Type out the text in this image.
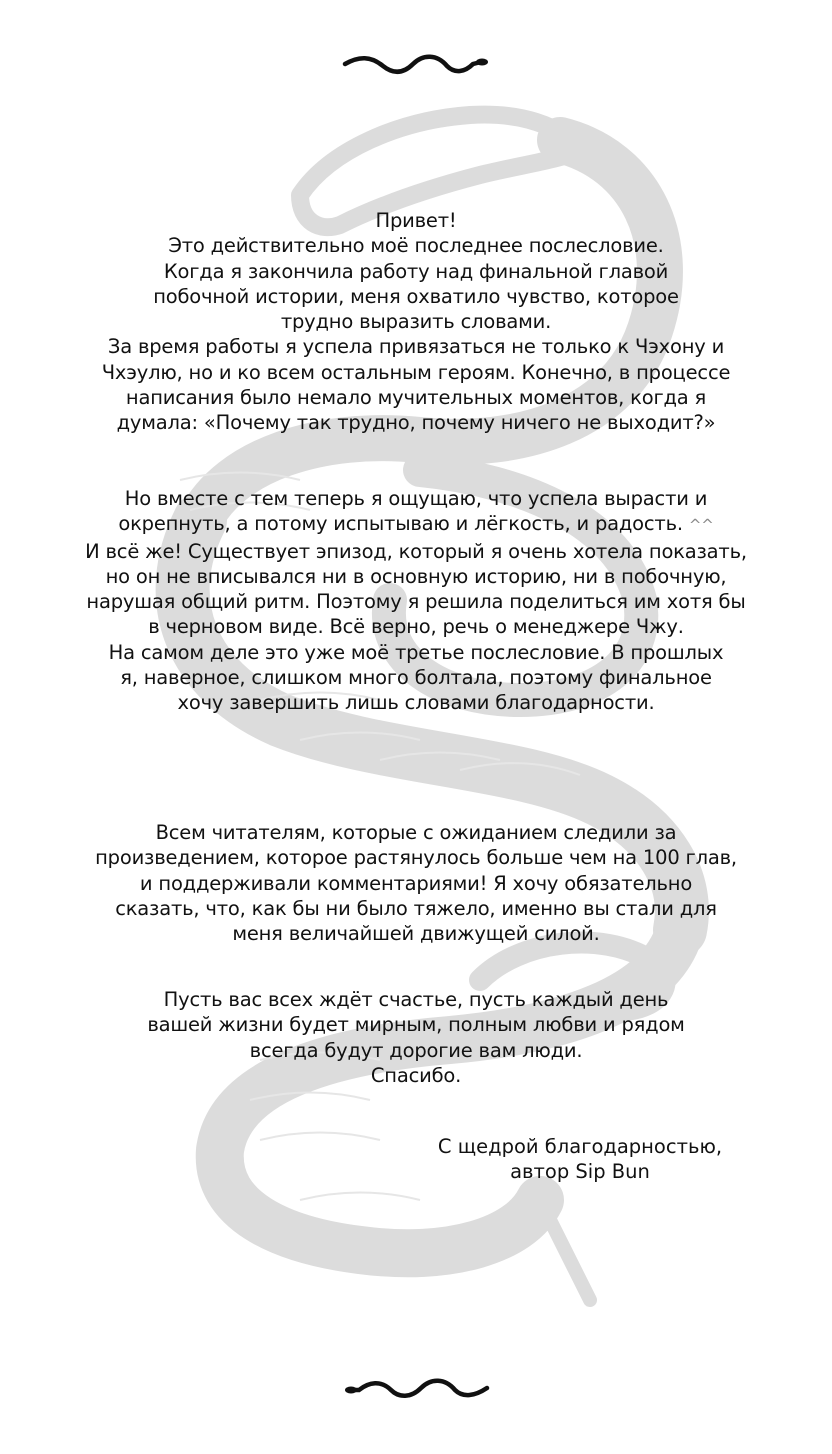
Привет!
Это действительно моё последнее послесловие.
Когда я закончила работу над финальной главой
побочной истории, меня охватило чувство, которое
трудно выразить словами.
За время работы я успела привязаться не только к Чэхону и
Чхэулю, но и ко всем остальным героям. Конечно, в процессе
написания было немало мучительных моментов, когда я
думала: «Почему так трудно, почему ничего не выходит?»
Но вместе с тем теперь я ощущаю, что успела вырасти и
окрепнуть, а потому испытываю и лёгкость, и радость. ^^
И всё же! Существует эпизод, который я очень хотела показать,
но он не вписывался ни в основную историю, ни в побочную,
нарушая общий ритм. Поэтому я решила поделиться им хотя бы
в черновом виде. Всё верно, речь о менеджере Чжу.
На самом деле это уже моё третье послесловие. В прошлых
я, наверное, слишком много болтала, поэтому финальное
хочу завершить лишь словами благодарности.
Всем читателям, которые с ожиданием следили за
произведением, которое растянулось больше чем на 100 глав,
и поддерживали комментариями! Я хочу обязательно
сказать, что, как бы ни было тяжело, именно вы стали для
меня величайшей движущей силой.
Пусть вас всех ждёт счастье, пусть каждый день
вашей жизни будет мирным, полным любви и рядом
всегда будут дорогие вам люди.
Спасибо.
С щедрой благодарностью,
автор Sip Bun
